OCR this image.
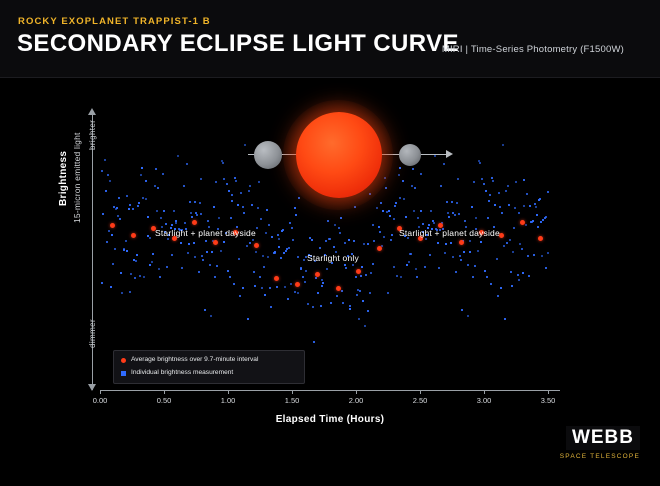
ROCKY EXOPLANET TRAPPIST-1 B
SECONDARY ECLIPSE LIGHT CURVE
MIRI | Time-Series Photometry (F1500W)
Starlight + planet dayside
Starlight only
Starlight + planet dayside
brighter
dimmer
Brightness 15-micron emitted light
0.00	0.50	1.00	1.50	2.00	2.50	3.00	3.50
Elapsed Time (Hours)
Average brightness over 9.7-minute interval
Individual brightness measurement
WEBB
SPACE TELESCOPE
